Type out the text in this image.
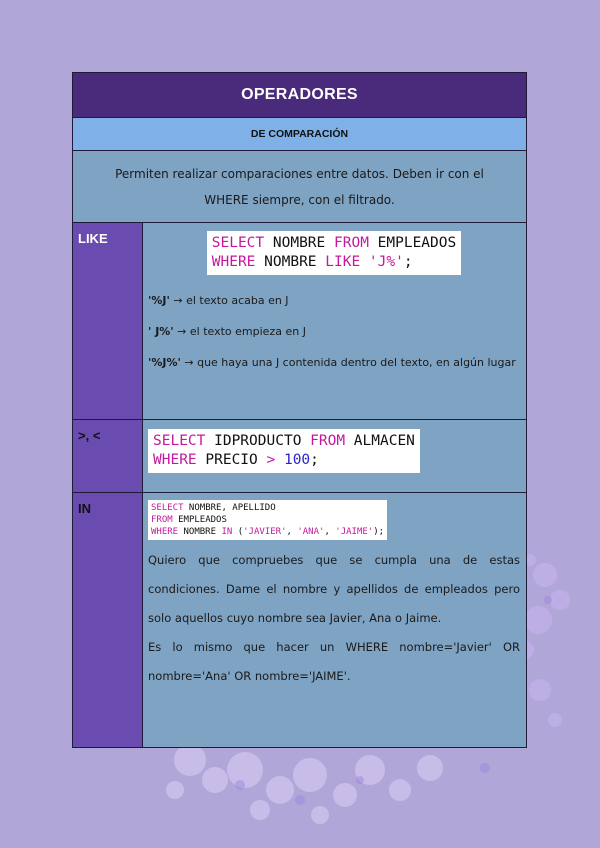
OPERADORES
DE COMPARACIÓN
Permiten realizar comparaciones entre datos. Deben ir con el WHERE siempre, con el filtrado.
LIKE	SELECT NOMBRE FROM EMPLEADOS
WHERE NOMBRE LIKE 'J%';
'%J' → el texto acaba en J
' J%' → el texto empieza en J
'%J%' → que haya una J contenida dentro del texto, en algún lugar
>, <	SELECT IDPRODUCTO FROM ALMACEN
WHERE PRECIO > 100;
IN	SELECT NOMBRE, APELLIDO
FROM EMPLEADOS
WHERE NOMBRE IN ('JAVIER', 'ANA', 'JAIME');
Quiero que compruebes que se cumpla una de estas condiciones. Dame el nombre y apellidos de empleados pero solo aquellos cuyo nombre sea Javier, Ana o Jaime.
Es lo mismo que hacer un WHERE nombre='Javier' OR nombre='Ana' OR nombre='JAIME'.
